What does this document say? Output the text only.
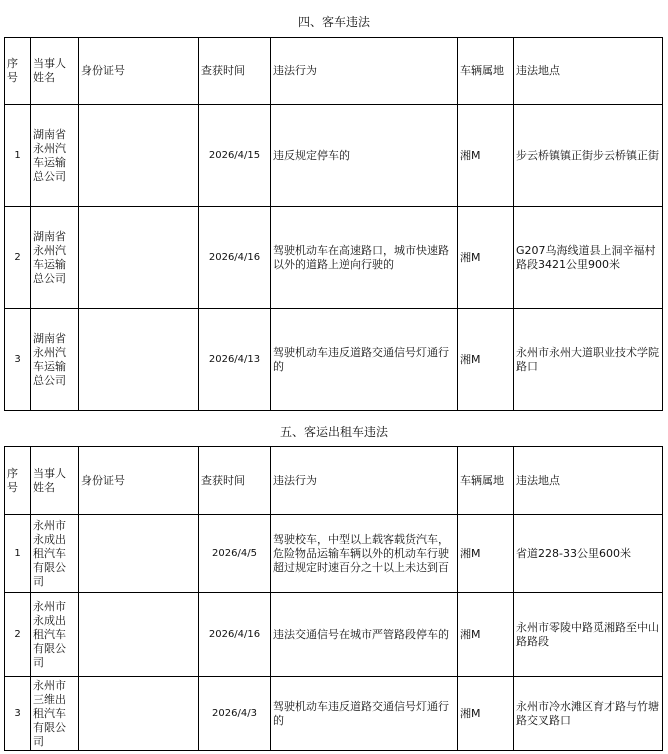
四、客车违法
序号	当事人姓名	身份证号	查获时间	违法行为	车辆属地	违法地点
1	湖南省永州汽车运输总公司		2026/4/15	违反规定停车的	湘M	步云桥镇镇正街步云桥镇正街
2	湖南省永州汽车运输总公司		2026/4/16	驾驶机动车在高速路口，城市快速路以外的道路上逆向行驶的	湘M	G207乌海线道县上洞辛福村路段3421公里900米
3	湖南省永州汽车运输总公司		2026/4/13	驾驶机动车违反道路交通信号灯通行的	湘M	永州市永州大道职业技术学院路口
五、客运出租车违法
序号	当事人姓名	身份证号	查获时间	违法行为	车辆属地	违法地点
1	永州市永成出租汽车有限公司		2026/4/5	驾驶校车，中型以上载客载货汽车，危险物品运输车辆以外的机动车行驶超过规定时速百分之十以上未达到百	湘M	省道228-33公里600米
2	永州市永成出租汽车有限公司		2026/4/16	违法交通信号在城市严管路段停车的	湘M	永州市零陵中路觅湘路至中山路路段
3	永州市三维出租汽车有限公司		2026/4/3	驾驶机动车违反道路交通信号灯通行的	湘M	永州市冷水滩区育才路与竹塘路交叉路口
